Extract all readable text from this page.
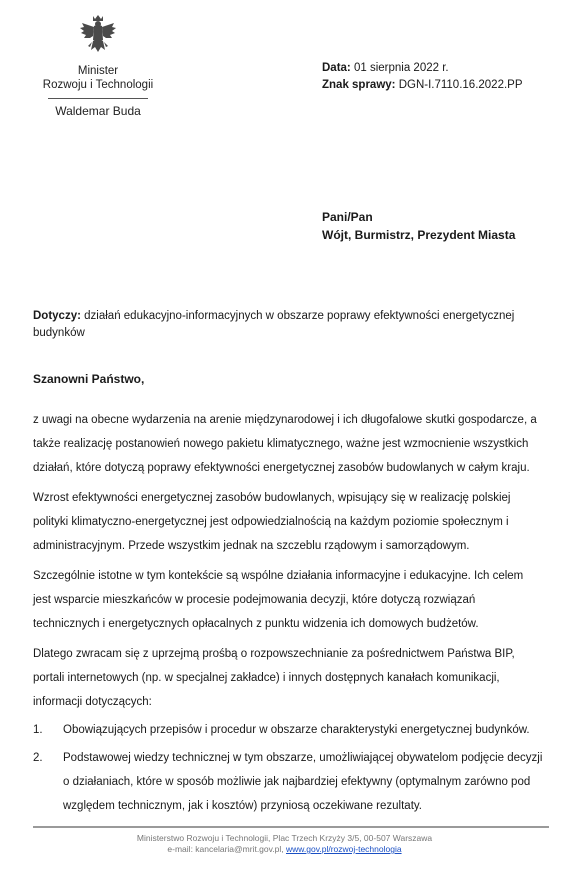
Minister
Rozwoju i Technologii
Waldemar Buda
Data: 01 sierpnia 2022 r.
Znak sprawy: DGN-I.7110.16.2022.PP
Pani/Pan
Wójt, Burmistrz, Prezydent Miasta
Dotyczy: działań edukacyjno-informacyjnych w obszarze poprawy efektywności energetycznej budynków
Szanowni Państwo,

z uwagi na obecne wydarzenia na arenie międzynarodowej i ich długofalowe skutki gospodarcze, a także realizację postanowień nowego pakietu klimatycznego, ważne jest wzmocnienie wszystkich działań, które dotyczą poprawy efektywności energetycznej zasobów budowlanych w całym kraju.

Wzrost efektywności energetycznej zasobów budowlanych, wpisujący się w realizację polskiej polityki klimatyczno-energetycznej jest odpowiedzialnością na każdym poziomie społecznym i administracyjnym. Przede wszystkim jednak na szczeblu rządowym i samorządowym.

Szczególnie istotne w tym kontekście są wspólne działania informacyjne i edukacyjne. Ich celem jest wsparcie mieszkańców w procesie podejmowania decyzji, które dotyczą rozwiązań technicznych i energetycznych opłacalnych z punktu widzenia ich domowych budżetów.

Dlatego zwracam się z uprzejmą prośbą o rozpowszechnianie za pośrednictwem Państwa BIP, portali internetowych (np. w specjalnej zakładce) i innych dostępnych kanałach komunikacji, informacji dotyczących:

1.	Obowiązujących przepisów i procedur w obszarze charakterystyki energetycznej budynków.
2.	Podstawowej wiedzy technicznej w tym obszarze, umożliwiającej obywatelom podjęcie decyzji o działaniach, które w sposób możliwie jak najbardziej efektywny (optymalnym zarówno pod względem technicznym, jak i kosztów) przyniosą oczekiwane rezultaty.
Ministerstwo Rozwoju i Technologii, Plac Trzech Krzyży 3/5, 00-507 Warszawa
e-mail: kancelaria@mrit.gov.pl, www.gov.pl/rozwoj-technologia
